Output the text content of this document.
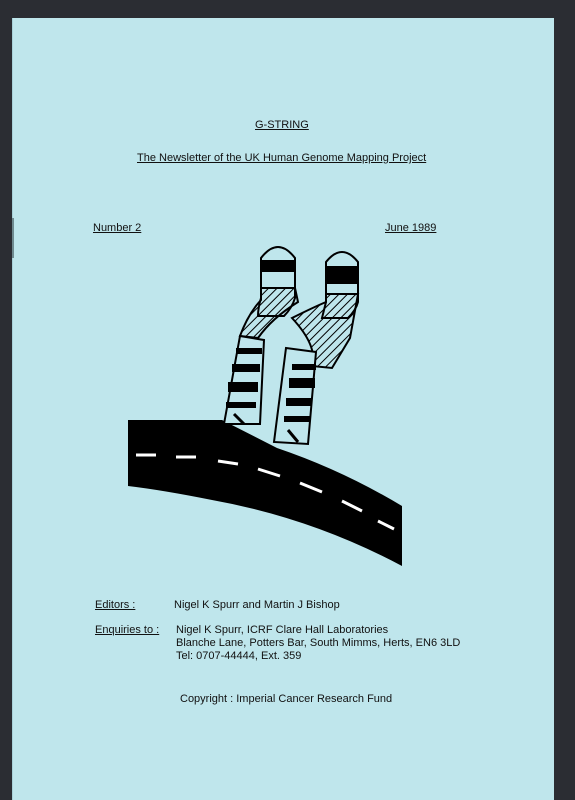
G-STRING
The Newsletter of the UK Human Genome Mapping Project
Number 2	June 1989
Editors :	Nigel K Spurr and Martin J Bishop
Enquiries to : Nigel K Spurr, ICRF Clare Hall Laboratories
Blanche Lane, Potters Bar, South Mimms, Herts, EN6 3LD
Tel: 0707-44444, Ext. 359
Copyright : Imperial Cancer Research Fund
